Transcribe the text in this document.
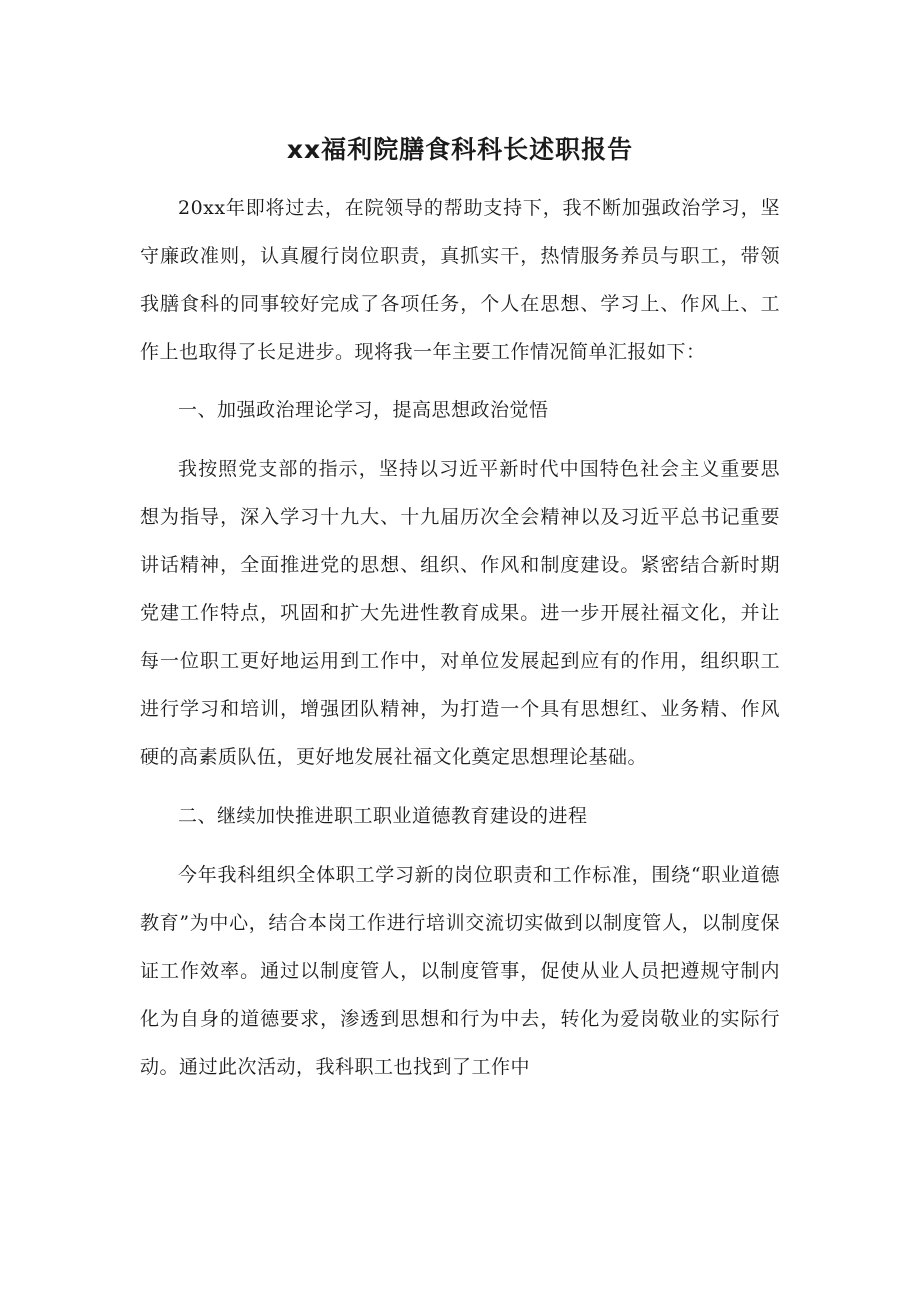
xx福利院膳食科科长述职报告

20xx年即将过去，在院领导的帮助支持下，我不断加强政治学习，坚守廉政准则，认真履行岗位职责，真抓实干，热情服务养员与职工，带领我膳食科的同事较好完成了各项任务，个人在思想、学习上、作风上、工作上也取得了长足进步。现将我一年主要工作情况简单汇报如下：

一、加强政治理论学习，提高思想政治觉悟

我按照党支部的指示，坚持以习近平新时代中国特色社会主义重要思想为指导，深入学习十九大、十九届历次全会精神以及习近平总书记重要讲话精神，全面推进党的思想、组织、作风和制度建设。紧密结合新时期党建工作特点，巩固和扩大先进性教育成果。进一步开展社福文化，并让每一位职工更好地运用到工作中，对单位发展起到应有的作用，组织职工进行学习和培训，增强团队精神，为打造一个具有思想红、业务精、作风硬的高素质队伍，更好地发展社福文化奠定思想理论基础。

二、继续加快推进职工职业道德教育建设的进程

今年我科组织全体职工学习新的岗位职责和工作标准，围绕“职业道德教育”为中心，结合本岗工作进行培训交流切实做到以制度管人，以制度保证工作效率。通过以制度管人，以制度管事，促使从业人员把遵规守制内化为自身的道德要求，渗透到思想和行为中去，转化为爱岗敬业的实际行动。通过此次活动，我科职工也找到了工作中
